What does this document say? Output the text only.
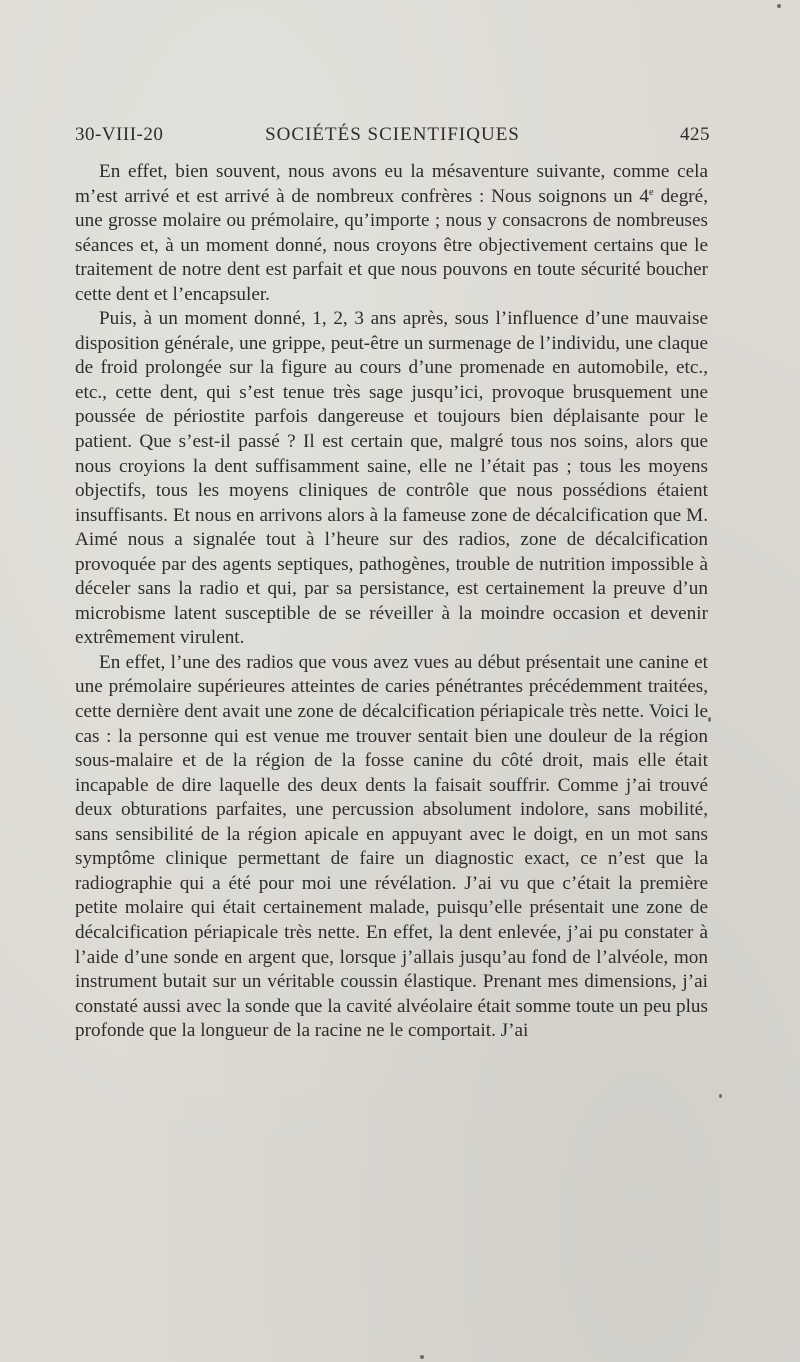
30-VIII-20	SOCIÉTÉS SCIENTIFIQUES	425

En effet, bien souvent, nous avons eu la mésaventure suivante, comme cela m’est arrivé et est arrivé à de nombreux confrères : Nous soignons un 4e degré, une grosse molaire ou prémolaire, qu’importe ; nous y consacrons de nombreuses séances et, à un moment donné, nous croyons être objectivement certains que le traitement de notre dent est parfait et que nous pouvons en toute sécurité boucher cette dent et l’encapsuler.

Puis, à un moment donné, 1, 2, 3 ans après, sous l’influence d’une mauvaise disposition générale, une grippe, peut-être un surmenage de l’individu, une claque de froid prolongée sur la figure au cours d’une promenade en automobile, etc., etc., cette dent, qui s’est tenue très sage jusqu’ici, provoque brusquement une poussée de périostite parfois dangereuse et toujours bien déplaisante pour le patient. Que s’est-il passé ? Il est certain que, malgré tous nos soins, alors que nous croyions la dent suffisamment saine, elle ne l’était pas ; tous les moyens objectifs, tous les moyens cliniques de contrôle que nous possédions étaient insuffisants. Et nous en arrivons alors à la fameuse zone de décalcification que M. Aimé nous a signalée tout à l’heure sur des radios, zone de décalcification provoquée par des agents septiques, pathogènes, trouble de nutrition impossible à déceler sans la radio et qui, par sa persistance, est certainement la preuve d’un microbisme latent susceptible de se réveiller à la moindre occasion et devenir extrêmement virulent.

En effet, l’une des radios que vous avez vues au début présentait une canine et une prémolaire supérieures atteintes de caries pénétrantes précédemment traitées, cette dernière dent avait une zone de décalcification périapicale très nette. Voici le cas : la personne qui est venue me trouver sentait bien une douleur de la région sous-malaire et de la région de la fosse canine du côté droit, mais elle était incapable de dire laquelle des deux dents la faisait souffrir. Comme j’ai trouvé deux obturations parfaites, une percussion absolument indolore, sans mobilité, sans sensibilité de la région apicale en appuyant avec le doigt, en un mot sans symptôme clinique permettant de faire un diagnostic exact, ce n’est que la radiographie qui a été pour moi une révélation. J’ai vu que c’était la première petite molaire qui était certainement malade, puisqu’elle présentait une zone de décalcification périapicale très nette. En effet, la dent enlevée, j’ai pu constater à l’aide d’une sonde en argent que, lorsque j’allais jusqu’au fond de l’alvéole, mon instrument butait sur un véritable coussin élastique. Prenant mes dimensions, j’ai constaté aussi avec la sonde que la cavité alvéolaire était somme toute un peu plus profonde que la longueur de la racine ne le comportait. J’ai
